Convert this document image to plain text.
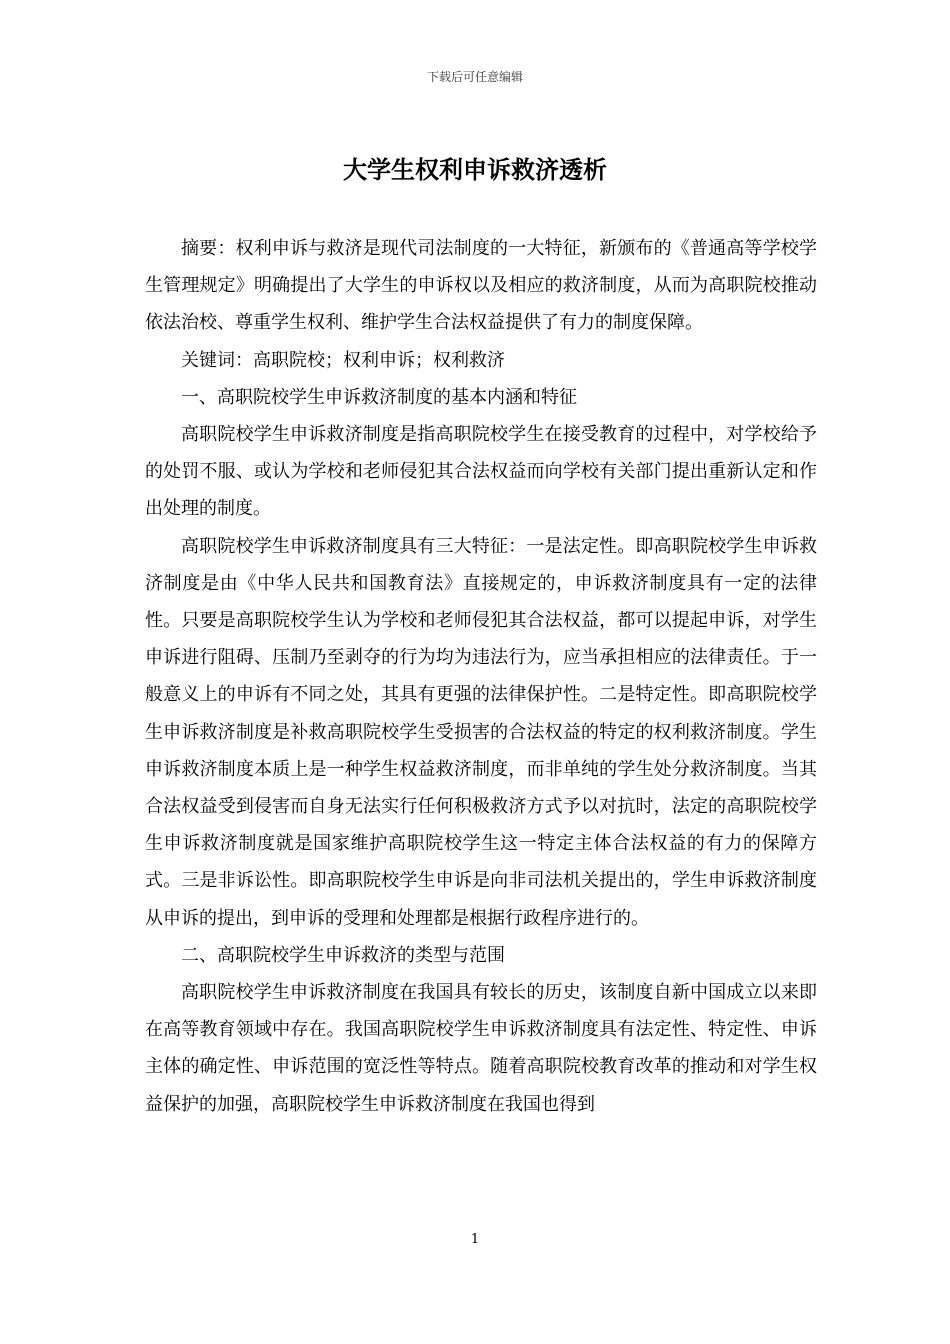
下载后可任意编辑
大学生权利申诉救济透析

摘要：权利申诉与救济是现代司法制度的一大特征，新颁布的《普通高等学校学生管理规定》明确提出了大学生的申诉权以及相应的救济制度，从而为高职院校推动依法治校、尊重学生权利、维护学生合法权益提供了有力的制度保障。

关键词：高职院校；权利申诉；权利救济

一、高职院校学生申诉救济制度的基本内涵和特征

高职院校学生申诉救济制度是指高职院校学生在接受教育的过程中，对学校给予的处罚不服、或认为学校和老师侵犯其合法权益而向学校有关部门提出重新认定和作出处理的制度。

高职院校学生申诉救济制度具有三大特征：一是法定性。即高职院校学生申诉救济制度是由《中华人民共和国教育法》直接规定的，申诉救济制度具有一定的法律性。只要是高职院校学生认为学校和老师侵犯其合法权益，都可以提起申诉，对学生申诉进行阻碍、压制乃至剥夺的行为均为违法行为，应当承担相应的法律责任。于一般意义上的申诉有不同之处，其具有更强的法律保护性。二是特定性。即高职院校学生申诉救济制度是补救高职院校学生受损害的合法权益的特定的权利救济制度。学生申诉救济制度本质上是一种学生权益救济制度，而非单纯的学生处分救济制度。当其合法权益受到侵害而自身无法实行任何积极救济方式予以对抗时，法定的高职院校学生申诉救济制度就是国家维护高职院校学生这一特定主体合法权益的有力的保障方式。三是非诉讼性。即高职院校学生申诉是向非司法机关提出的，学生申诉救济制度从申诉的提出，到申诉的受理和处理都是根据行政程序进行的。

二、高职院校学生申诉救济的类型与范围

高职院校学生申诉救济制度在我国具有较长的历史，该制度自新中国成立以来即在高等教育领域中存在。我国高职院校学生申诉救济制度具有法定性、特定性、申诉主体的确定性、申诉范围的宽泛性等特点。随着高职院校教育改革的推动和对学生权益保护的加强，高职院校学生申诉救济制度在我国也得到

1
